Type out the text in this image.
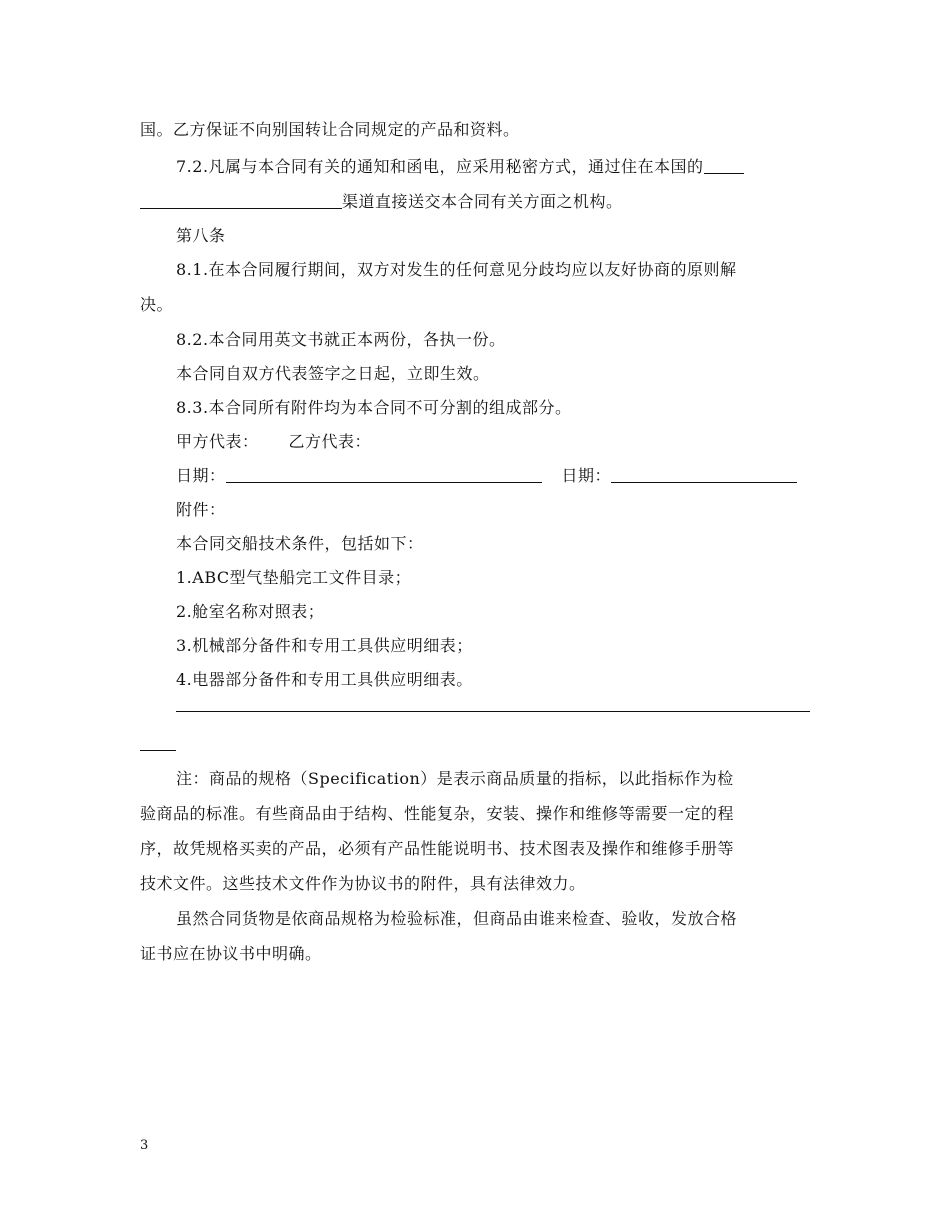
国。乙方保证不向别国转让合同规定的产品和资料。
7.2.凡属与本合同有关的通知和函电，应采用秘密方式，通过住在本国的
渠道直接送交本合同有关方面之机构。
第八条
8.1.在本合同履行期间，双方对发生的任何意见分歧均应以友好协商的原则解
决。
8.2.本合同用英文书就正本两份，各执一份。
本合同自双方代表签字之日起，立即生效。
8.3.本合同所有附件均为本合同不可分割的组成部分。
甲方代表： 乙方代表：
日期：	日期：
附件：
本合同交船技术条件，包括如下：
1.ABC型气垫船完工文件目录；
2.舱室名称对照表；
3.机械部分备件和专用工具供应明细表；
4.电器部分备件和专用工具供应明细表。
注：商品的规格（Specification）是表示商品质量的指标，以此指标作为检
验商品的标准。有些商品由于结构、性能复杂，安装、操作和维修等需要一定的程
序，故凭规格买卖的产品，必须有产品性能说明书、技术图表及操作和维修手册等
技术文件。这些技术文件作为协议书的附件，具有法律效力。
虽然合同货物是依商品规格为检验标准，但商品由谁来检查、验收，发放合格
证书应在协议书中明确。
3
